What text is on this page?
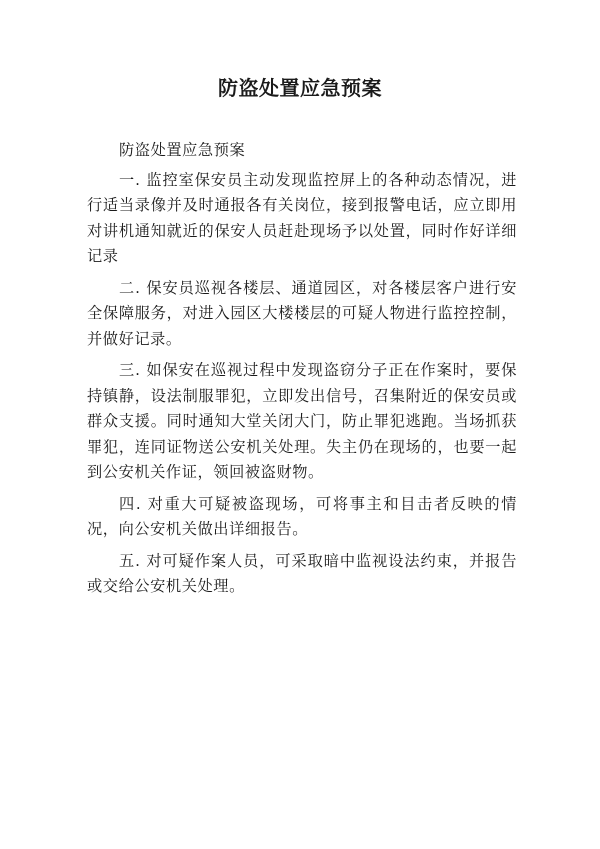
防盗处置应急预案

防盗处置应急预案

一. 监控室保安员主动发现监控屏上的各种动态情况，进行适当录像并及时通报各有关岗位，接到报警电话，应立即用对讲机通知就近的保安人员赶赴现场予以处置，同时作好详细记录

二. 保安员巡视各楼层、通道园区，对各楼层客户进行安全保障服务，对进入园区大楼楼层的可疑人物进行监控控制，并做好记录。

三. 如保安在巡视过程中发现盗窃分子正在作案时，要保持镇静，设法制服罪犯，立即发出信号，召集附近的保安员或群众支援。同时通知大堂关闭大门，防止罪犯逃跑。当场抓获罪犯，连同证物送公安机关处理。失主仍在现场的，也要一起到公安机关作证，领回被盗财物。

四. 对重大可疑被盗现场，可将事主和目击者反映的情况，向公安机关做出详细报告。

五. 对可疑作案人员，可采取暗中监视设法约束，并报告或交给公安机关处理。
